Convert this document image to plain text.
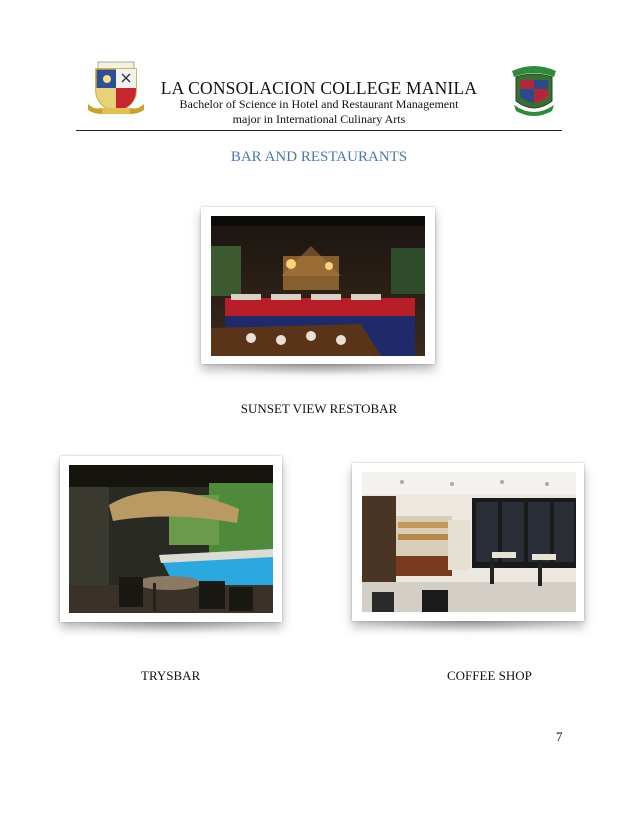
LA CONSOLACION COLLEGE MANILA
Bachelor of Science in Hotel and Restaurant Management
major in International Culinary Arts
BAR AND RESTAURANTS
SUNSET VIEW RESTOBAR
TRYSBAR	COFFEE SHOP
7
